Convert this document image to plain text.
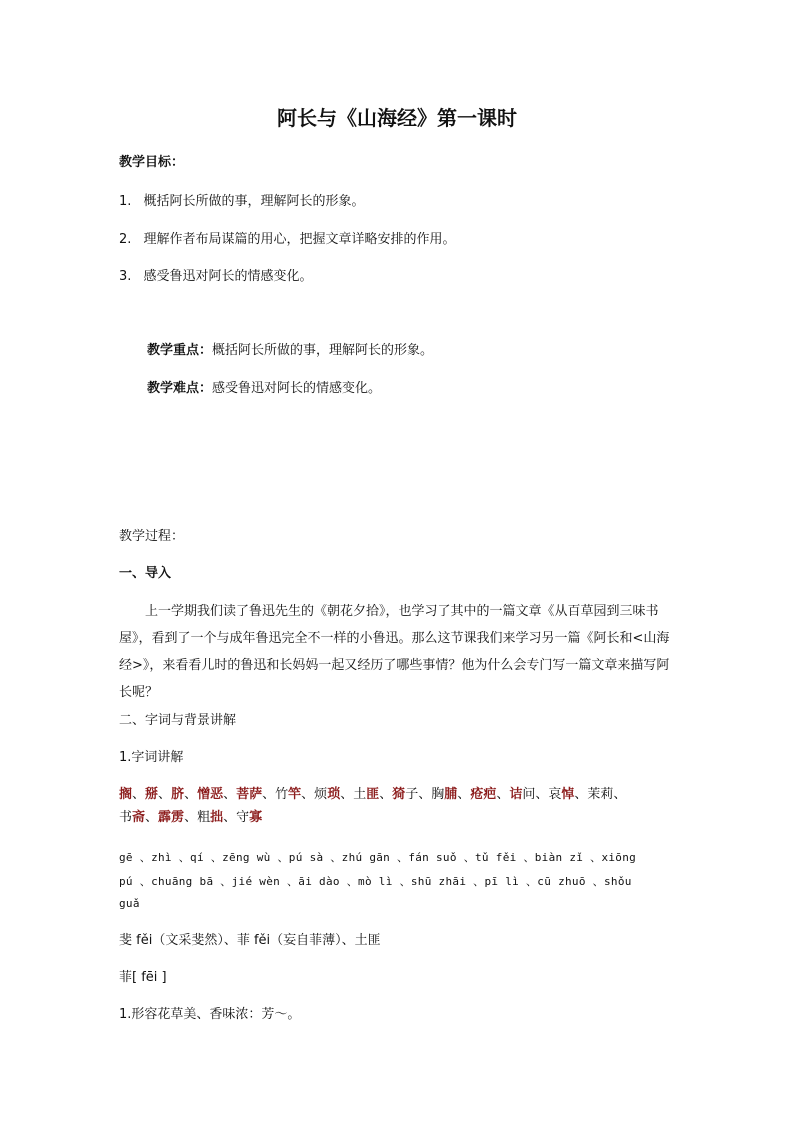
阿长与《山海经》第一课时
教学目标：
1. 概括阿长所做的事，理解阿长的形象。
2. 理解作者布局谋篇的用心，把握文章详略安排的作用。
3. 感受鲁迅对阿长的情感变化。
教学重点：概括阿长所做的事，理解阿长的形象。
教学难点：感受鲁迅对阿长的情感变化。
教学过程：
一、导入
上一学期我们读了鲁迅先生的《朝花夕拾》，也学习了其中的一篇文章《从百草园到三味书屋》，看到了一个与成年鲁迅完全不一样的小鲁迅。那么这节课我们来学习另一篇《阿长和<山海经>》，来看看儿时的鲁迅和长妈妈一起又经历了哪些事情？他为什么会专门写一篇文章来描写阿长呢？
二、字词与背景讲解
1.字词讲解
搁、掰、脐、憎恶、菩萨、竹竿、烦琐、土匪、猗子、胸脯、疮疤、诘问、哀悼、茉莉、
书斋、霹雳、粗拙、守寡
gē 、zhì 、qí 、zēng wù 、pú sà 、zhú gān 、fán suǒ 、tǔ fěi 、biàn zǐ 、xiōng
pú 、chuāng bā 、jié wèn 、āi dào 、mò lì 、shū zhāi 、pī lì 、cū zhuō 、shǒu
guǎ
斐 fěi（文采斐然）、菲 fěi（妄自菲薄）、土匪
菲[ fēi ]
1.形容花草美、香味浓：芳～。
